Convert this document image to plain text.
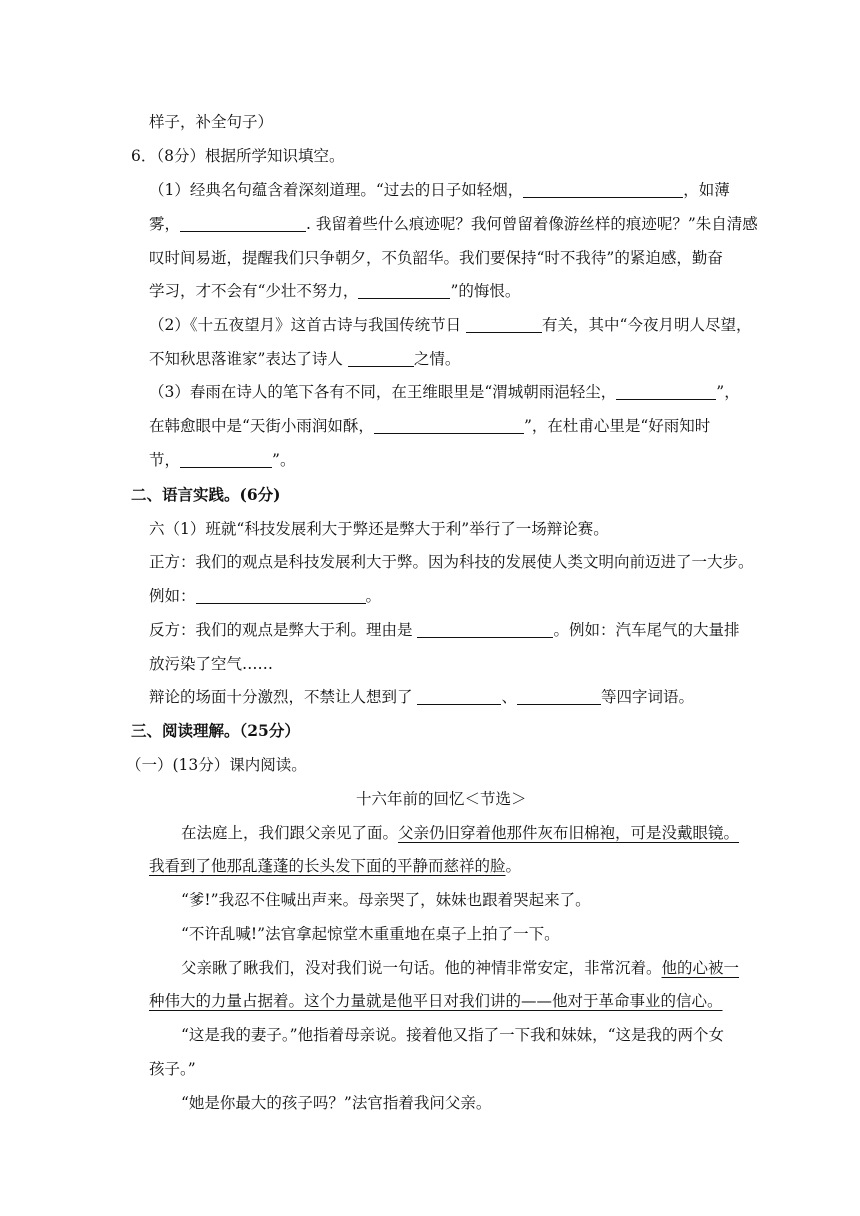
样子，补全句子）
6．（8分）根据所学知识填空。
（1）经典名句蕴含着深刻道理。“过去的日子如轻烟，	，如薄
雾，	. 我留着些什么痕迹呢？我何曾留着像游丝样的痕迹呢？”朱自清感
叹时间易逝，提醒我们只争朝夕，不负韶华。我们要保持“时不我待”的紧迫感，勤奋
学习，才不会有“少壮不努力，	”的悔恨。
（2）《十五夜望月》这首古诗与我国传统节日	有关，其中“今夜月明人尽望，
不知秋思落谁家”表达了诗人	之情。
（3）春雨在诗人的笔下各有不同，在王维眼里是“渭城朝雨浥轻尘，	”，
在韩愈眼中是“天街小雨润如酥，	”，在杜甫心里是“好雨知时
节，	”。
二、语言实践。(6分)
六（1）班就“科技发展利大于弊还是弊大于利”举行了一场辩论赛。
正方：我们的观点是科技发展利大于弊。因为科技的发展使人类文明向前迈进了一大步。
例如：	。
反方：我们的观点是弊大于利。理由是	。例如：汽车尾气的大量排
放污染了空气……
辩论的场面十分激烈，不禁让人想到了	、	等四字词语。
三、阅读理解。（25分）
（一）(13分）课内阅读。
十六年前的回忆＜节选＞
在法庭上，我们跟父亲见了面。父亲仍旧穿着他那件灰布旧棉袍，可是没戴眼镜。
我看到了他那乱蓬蓬的长头发下面的平静而慈祥的脸。
“爹!”我忍不住喊出声来。母亲哭了，妹妹也跟着哭起来了。
“不许乱喊!”法官拿起惊堂木重重地在桌子上拍了一下。
父亲瞅了瞅我们，没对我们说一句话。他的神情非常安定，非常沉着。他的心被一
种伟大的力量占据着。这个力量就是他平日对我们讲的——他对于革命事业的信心。
“这是我的妻子。”他指着母亲说。接着他又指了一下我和妹妹，“这是我的两个女
孩子。”
“她是你最大的孩子吗？”法官指着我问父亲。
